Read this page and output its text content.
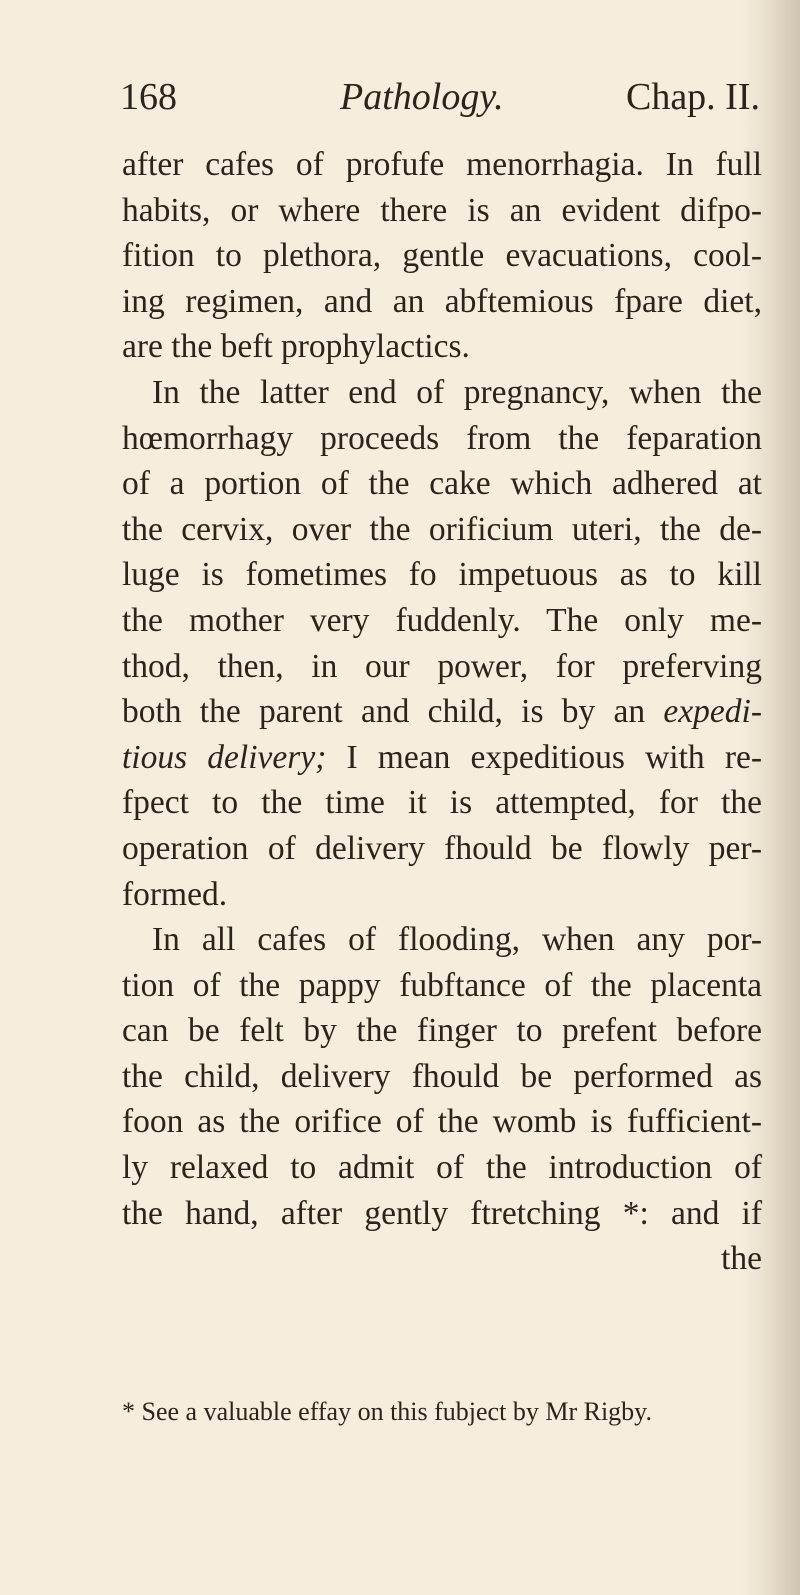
168	Pathology.	Chap. II.
after cafes of profufe menorrhagia. In full
habits, or where there is an evident difpo-
fition to plethora, gentle evacuations, cool-
ing regimen, and an abftemious fpare diet,
are the beft prophylactics.
In the latter end of pregnancy, when the
hœmorrhagy proceeds from the feparation
of a portion of the cake which adhered at
the cervix, over the orificium uteri, the de-
luge is fometimes fo impetuous as to kill
the mother very fuddenly. The only me-
thod, then, in our power, for preferving
both the parent and child, is by an expedi-
tious delivery; I mean expeditious with re-
fpect to the time it is attempted, for the
operation of delivery fhould be flowly per-
formed.
In all cafes of flooding, when any por-
tion of the pappy fubftance of the placenta
can be felt by the finger to prefent before
the child, delivery fhould be performed as
foon as the orifice of the womb is fufficient-
ly relaxed to admit of the introduction of
the hand, after gently ftretching *: and if
the
* See a valuable effay on this fubject by Mr Rigby.
